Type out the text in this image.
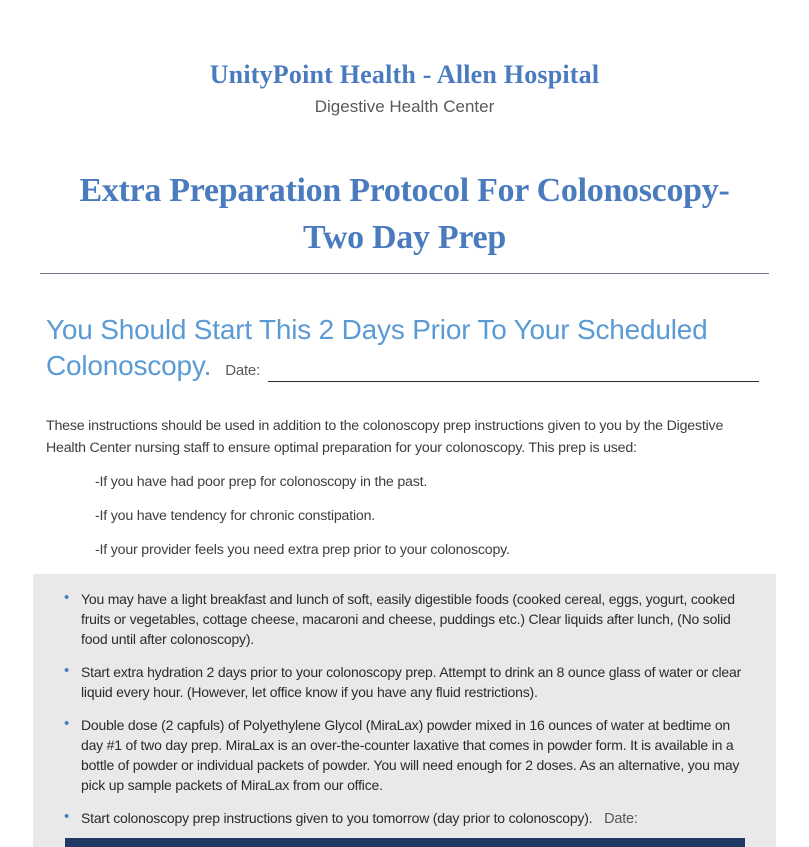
UnityPoint Health - Allen Hospital
Digestive Health Center
Extra Preparation Protocol For Colonoscopy-
Two Day Prep
You Should Start This 2 Days Prior To Your Scheduled
Colonoscopy. Date:
These instructions should be used in addition to the colonoscopy prep instructions given to you by the Digestive Health Center nursing staff to ensure optimal preparation for your colonoscopy. This prep is used:
-If you have had poor prep for colonoscopy in the past.
-If you have tendency for chronic constipation.
-If your provider feels you need extra prep prior to your colonoscopy.
• You may have a light breakfast and lunch of soft, easily digestible foods (cooked cereal, eggs, yogurt, cooked fruits or vegetables, cottage cheese, macaroni and cheese, puddings etc.) Clear liquids after lunch, (No solid food until after colonoscopy).
• Start extra hydration 2 days prior to your colonoscopy prep. Attempt to drink an 8 ounce glass of water or clear liquid every hour. (However, let office know if you have any fluid restrictions).
• Double dose (2 capfuls) of Polyethylene Glycol (MiraLax) powder mixed in 16 ounces of water at bedtime on day #1 of two day prep. MiraLax is an over-the-counter laxative that comes in powder form. It is available in a bottle of powder or individual packets of powder. You will need enough for 2 doses. As an alternative, you may pick up sample packets of MiraLax from our office.
• Start colonoscopy prep instructions given to you tomorrow (day prior to colonoscopy). Date:
